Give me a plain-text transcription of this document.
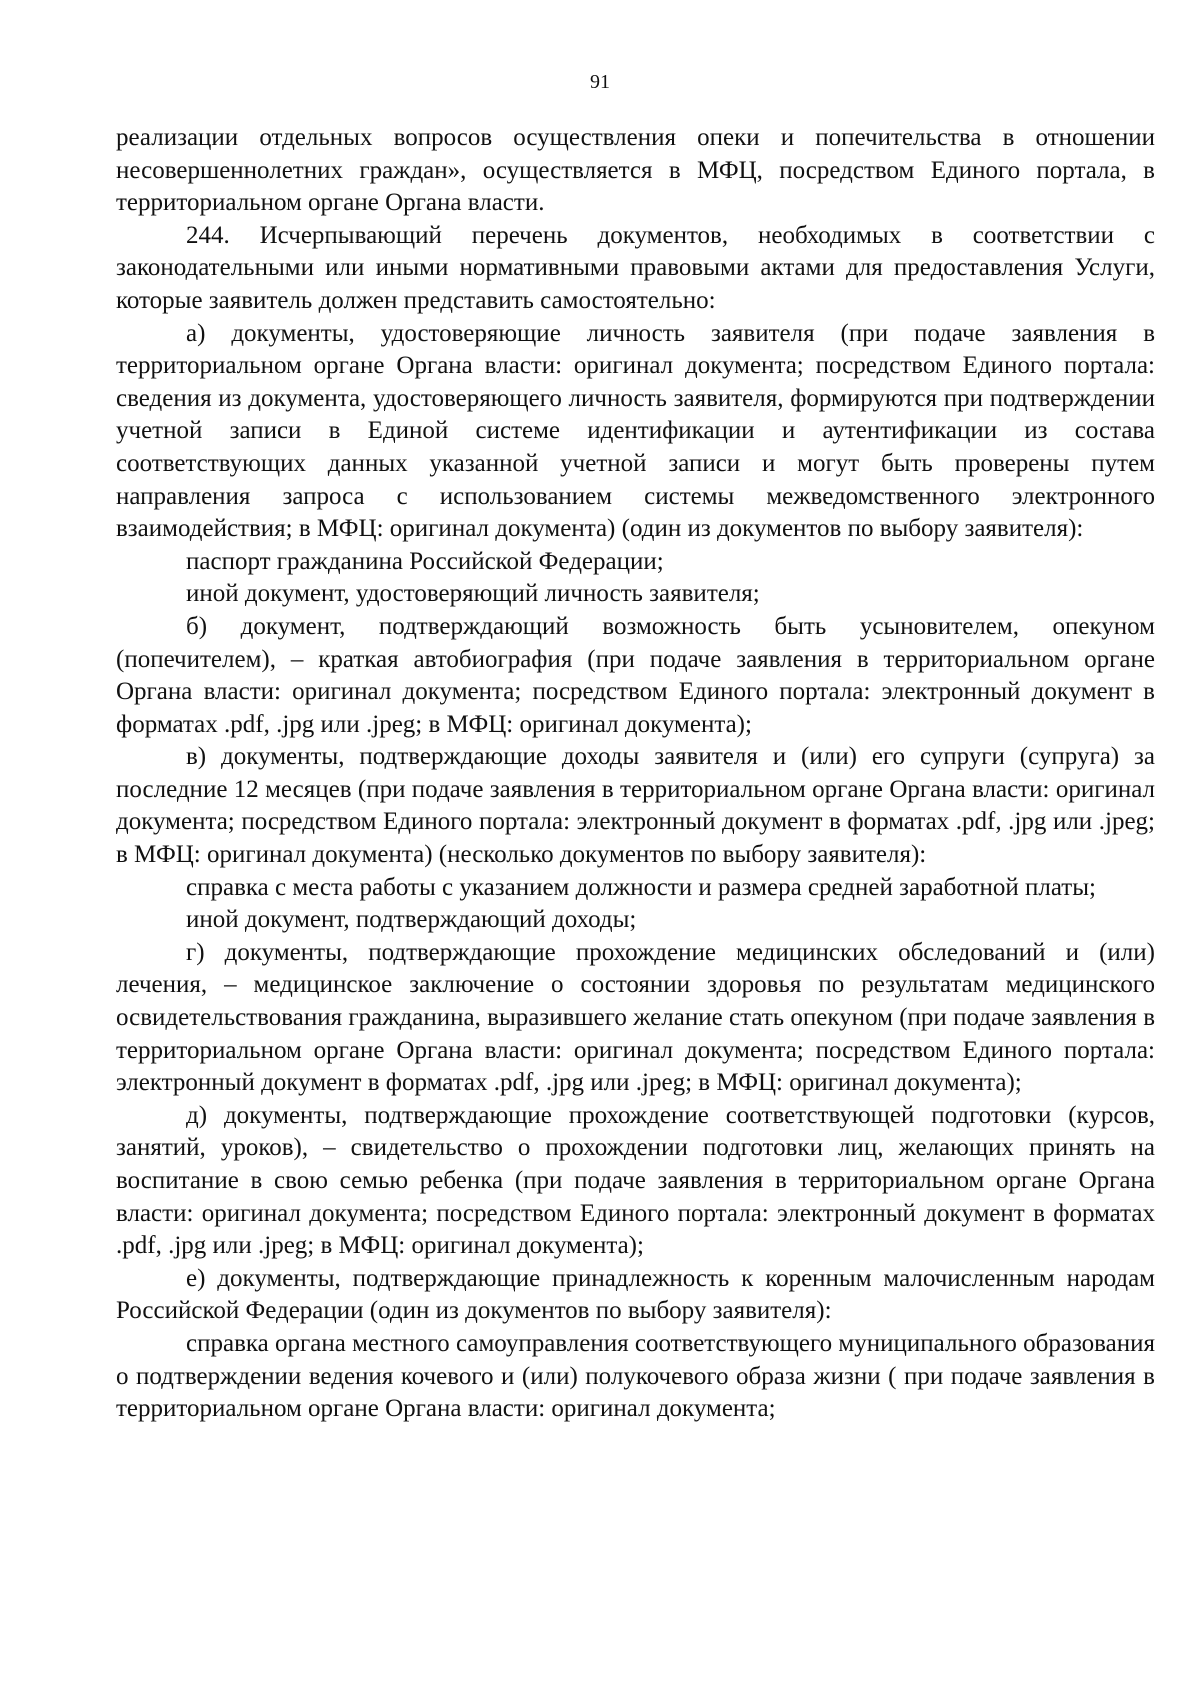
91

реализации отдельных вопросов осуществления опеки и попечительства в отношении несовершеннолетних граждан», осуществляется в МФЦ, посредством Единого портала, в территориальном органе Органа власти.

244. Исчерпывающий перечень документов, необходимых в соответствии с законодательными или иными нормативными правовыми актами для предоставления Услуги, которые заявитель должен представить самостоятельно:

а) документы, удостоверяющие личность заявителя (при подаче заявления в территориальном органе Органа власти: оригинал документа; посредством Единого портала: сведения из документа, удостоверяющего личность заявителя, формируются при подтверждении учетной записи в Единой системе идентификации и аутентификации из состава соответствующих данных указанной учетной записи и могут быть проверены путем направления запроса с использованием системы межведомственного электронного взаимодействия; в МФЦ: оригинал документа) (один из документов по выбору заявителя):

паспорт гражданина Российской Федерации;

иной документ, удостоверяющий личность заявителя;

б) документ, подтверждающий возможность быть усыновителем, опекуном (попечителем), – краткая автобиография (при подаче заявления в территориальном органе Органа власти: оригинал документа; посредством Единого портала: электронный документ в форматах .pdf, .jpg или .jpeg; в МФЦ: оригинал документа);

в) документы, подтверждающие доходы заявителя и (или) его супруги (супруга) за последние 12 месяцев (при подаче заявления в территориальном органе Органа власти: оригинал документа; посредством Единого портала: электронный документ в форматах .pdf, .jpg или .jpeg; в МФЦ: оригинал документа) (несколько документов по выбору заявителя):

справка с места работы с указанием должности и размера средней заработной платы;

иной документ, подтверждающий доходы;

г) документы, подтверждающие прохождение медицинских обследований и (или) лечения, – медицинское заключение о состоянии здоровья по результатам медицинского освидетельствования гражданина, выразившего желание стать опекуном (при подаче заявления в территориальном органе Органа власти: оригинал документа; посредством Единого портала: электронный документ в форматах .pdf, .jpg или .jpeg; в МФЦ: оригинал документа);

д) документы, подтверждающие прохождение соответствующей подготовки (курсов, занятий, уроков), – свидетельство о прохождении подготовки лиц, желающих принять на воспитание в свою семью ребенка (при подаче заявления в территориальном органе Органа власти: оригинал документа; посредством Единого портала: электронный документ в форматах .pdf, .jpg или .jpeg; в МФЦ: оригинал документа);

е) документы, подтверждающие принадлежность к коренным малочисленным народам Российской Федерации (один из документов по выбору заявителя):

справка органа местного самоуправления соответствующего муниципального образования о подтверждении ведения кочевого и (или) полукочевого образа жизни ( при подаче заявления в территориальном органе Органа власти: оригинал документа;
